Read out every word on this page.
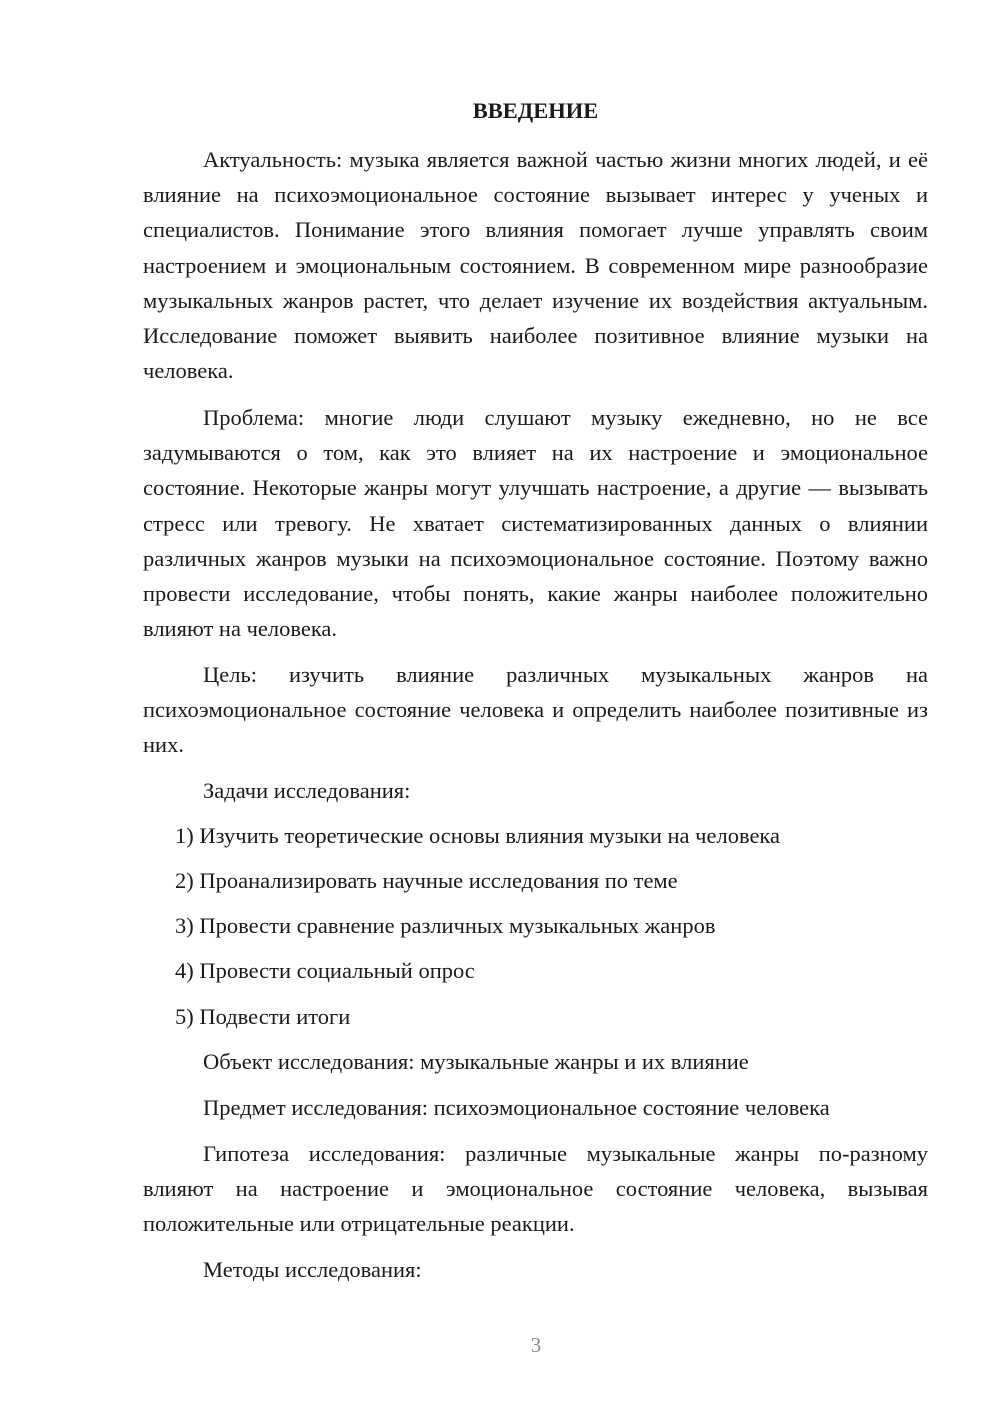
ВВЕДЕНИЕ

Актуальность: музыка является важной частью жизни многих людей, и её влияние на психоэмоциональное состояние вызывает интерес у ученых и специалистов. Понимание этого влияния помогает лучше управлять своим настроением и эмоциональным состоянием. В современном мире разнообразие музыкальных жанров растет, что делает изучение их воздействия актуальным. Исследование поможет выявить наиболее позитивное влияние музыки на человека.

Проблема: многие люди слушают музыку ежедневно, но не все задумываются о том, как это влияет на их настроение и эмоциональное состояние. Некоторые жанры могут улучшать настроение, а другие — вызывать стресс или тревогу. Не хватает систематизированных данных о влиянии различных жанров музыки на психоэмоциональное состояние. Поэтому важно провести исследование, чтобы понять, какие жанры наиболее положительно влияют на человека.

Цель: изучить влияние различных музыкальных жанров на психоэмоциональное состояние человека и определить наиболее позитивные из них.

Задачи исследования:

1) Изучить теоретические основы влияния музыки на человека

2) Проанализировать научные исследования по теме

3) Провести сравнение различных музыкальных жанров

4) Провести социальный опрос

5) Подвести итоги

Объект исследования: музыкальные жанры и их влияние

Предмет исследования: психоэмоциональное состояние человека

Гипотеза исследования: различные музыкальные жанры по-разному влияют на настроение и эмоциональное состояние человека, вызывая положительные или отрицательные реакции.

Методы исследования:

3
